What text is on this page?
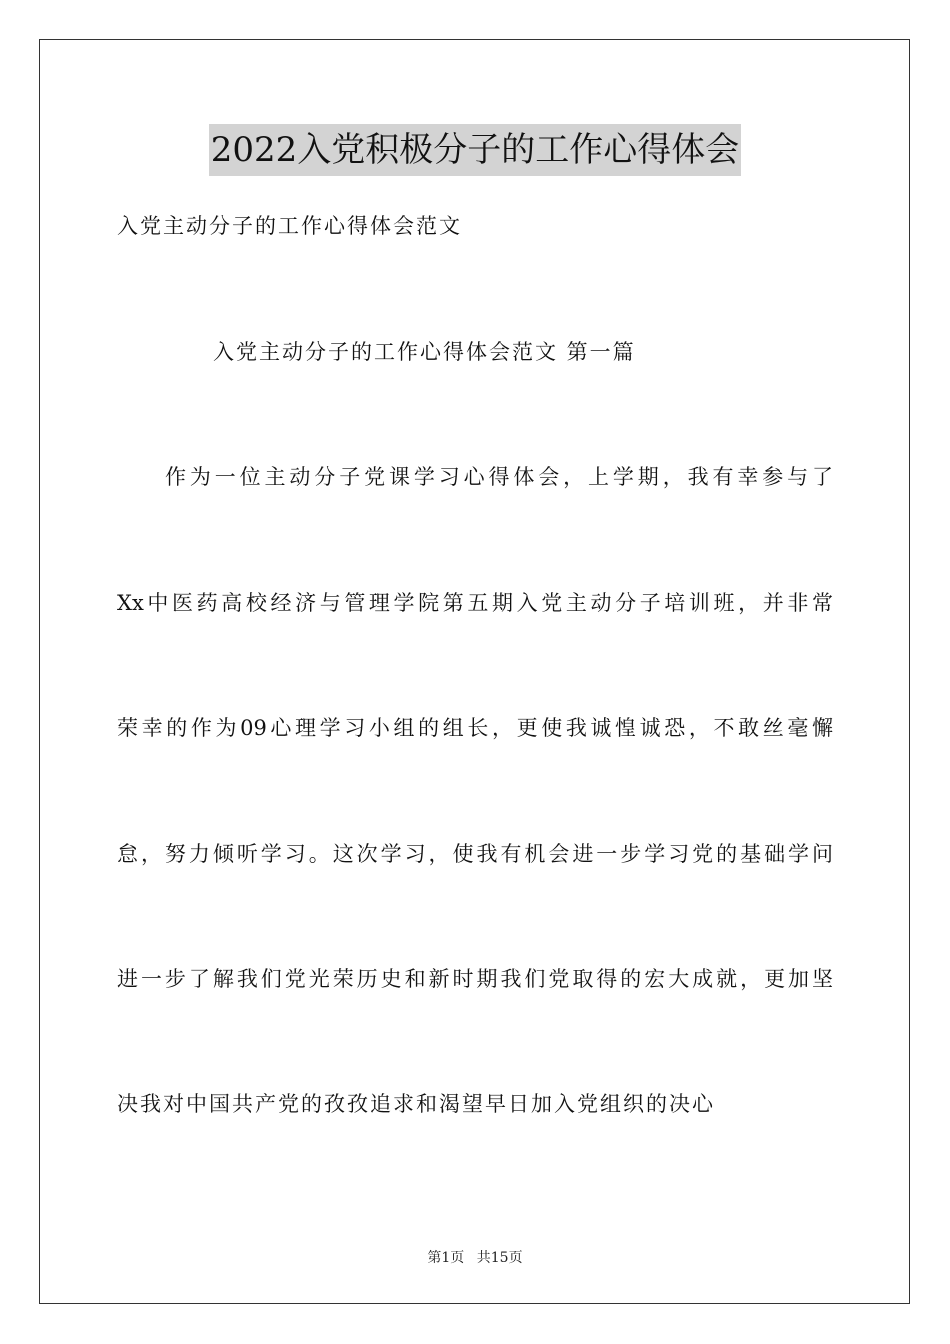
2022入党积极分子的工作心得体会
入党主动分子的工作心得体会范文
入党主动分子的工作心得体会范文 第一篇
作为一位主动分子党课学习心得体会，上学期，我有幸参与了
Xx中医药高校经济与管理学院第五期入党主动分子培训班，并非常
荣幸的作为09心理学习小组的组长，更使我诚惶诚恐，不敢丝毫懈
怠，努力倾听学习。这次学习，使我有机会进一步学习党的基础学问
进一步了解我们党光荣历史和新时期我们党取得的宏大成就，更加坚
决我对中国共产党的孜孜追求和渴望早日加入党组织的决心
第1页 共15页
